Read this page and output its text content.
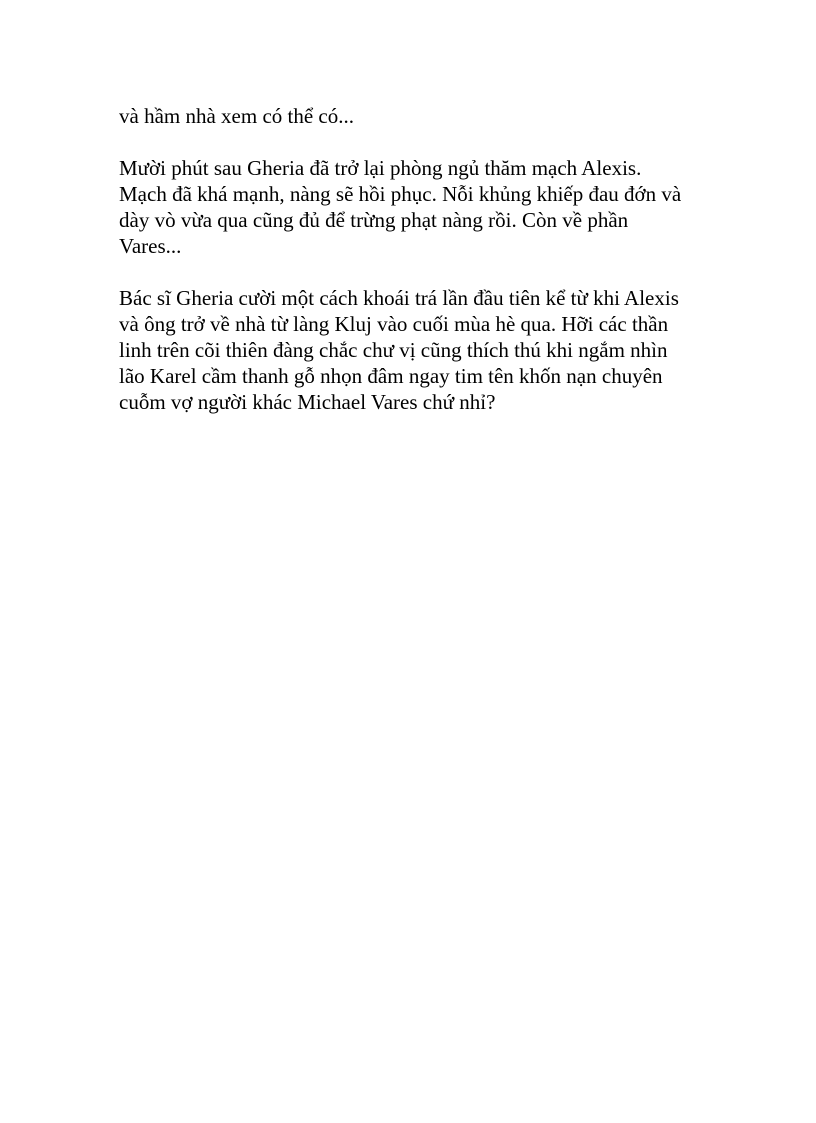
và hầm nhà xem có thể có...

Mười phút sau Gheria đã trở lại phòng ngủ thăm mạch Alexis.
Mạch đã khá mạnh, nàng sẽ hồi phục. Nỗi khủng khiếp đau đớn và
dày vò vừa qua cũng đủ để trừng phạt nàng rồi. Còn về phần
Vares...

Bác sĩ Gheria cười một cách khoái trá lần đầu tiên kể từ khi Alexis
và ông trở về nhà từ làng Kluj vào cuối mùa hè qua. Hỡi các thần
linh trên cõi thiên đàng chắc chư vị cũng thích thú khi ngắm nhìn
lão Karel cầm thanh gỗ nhọn đâm ngay tim tên khốn nạn chuyên
cuỗm vợ người khác Michael Vares chứ nhỉ?
